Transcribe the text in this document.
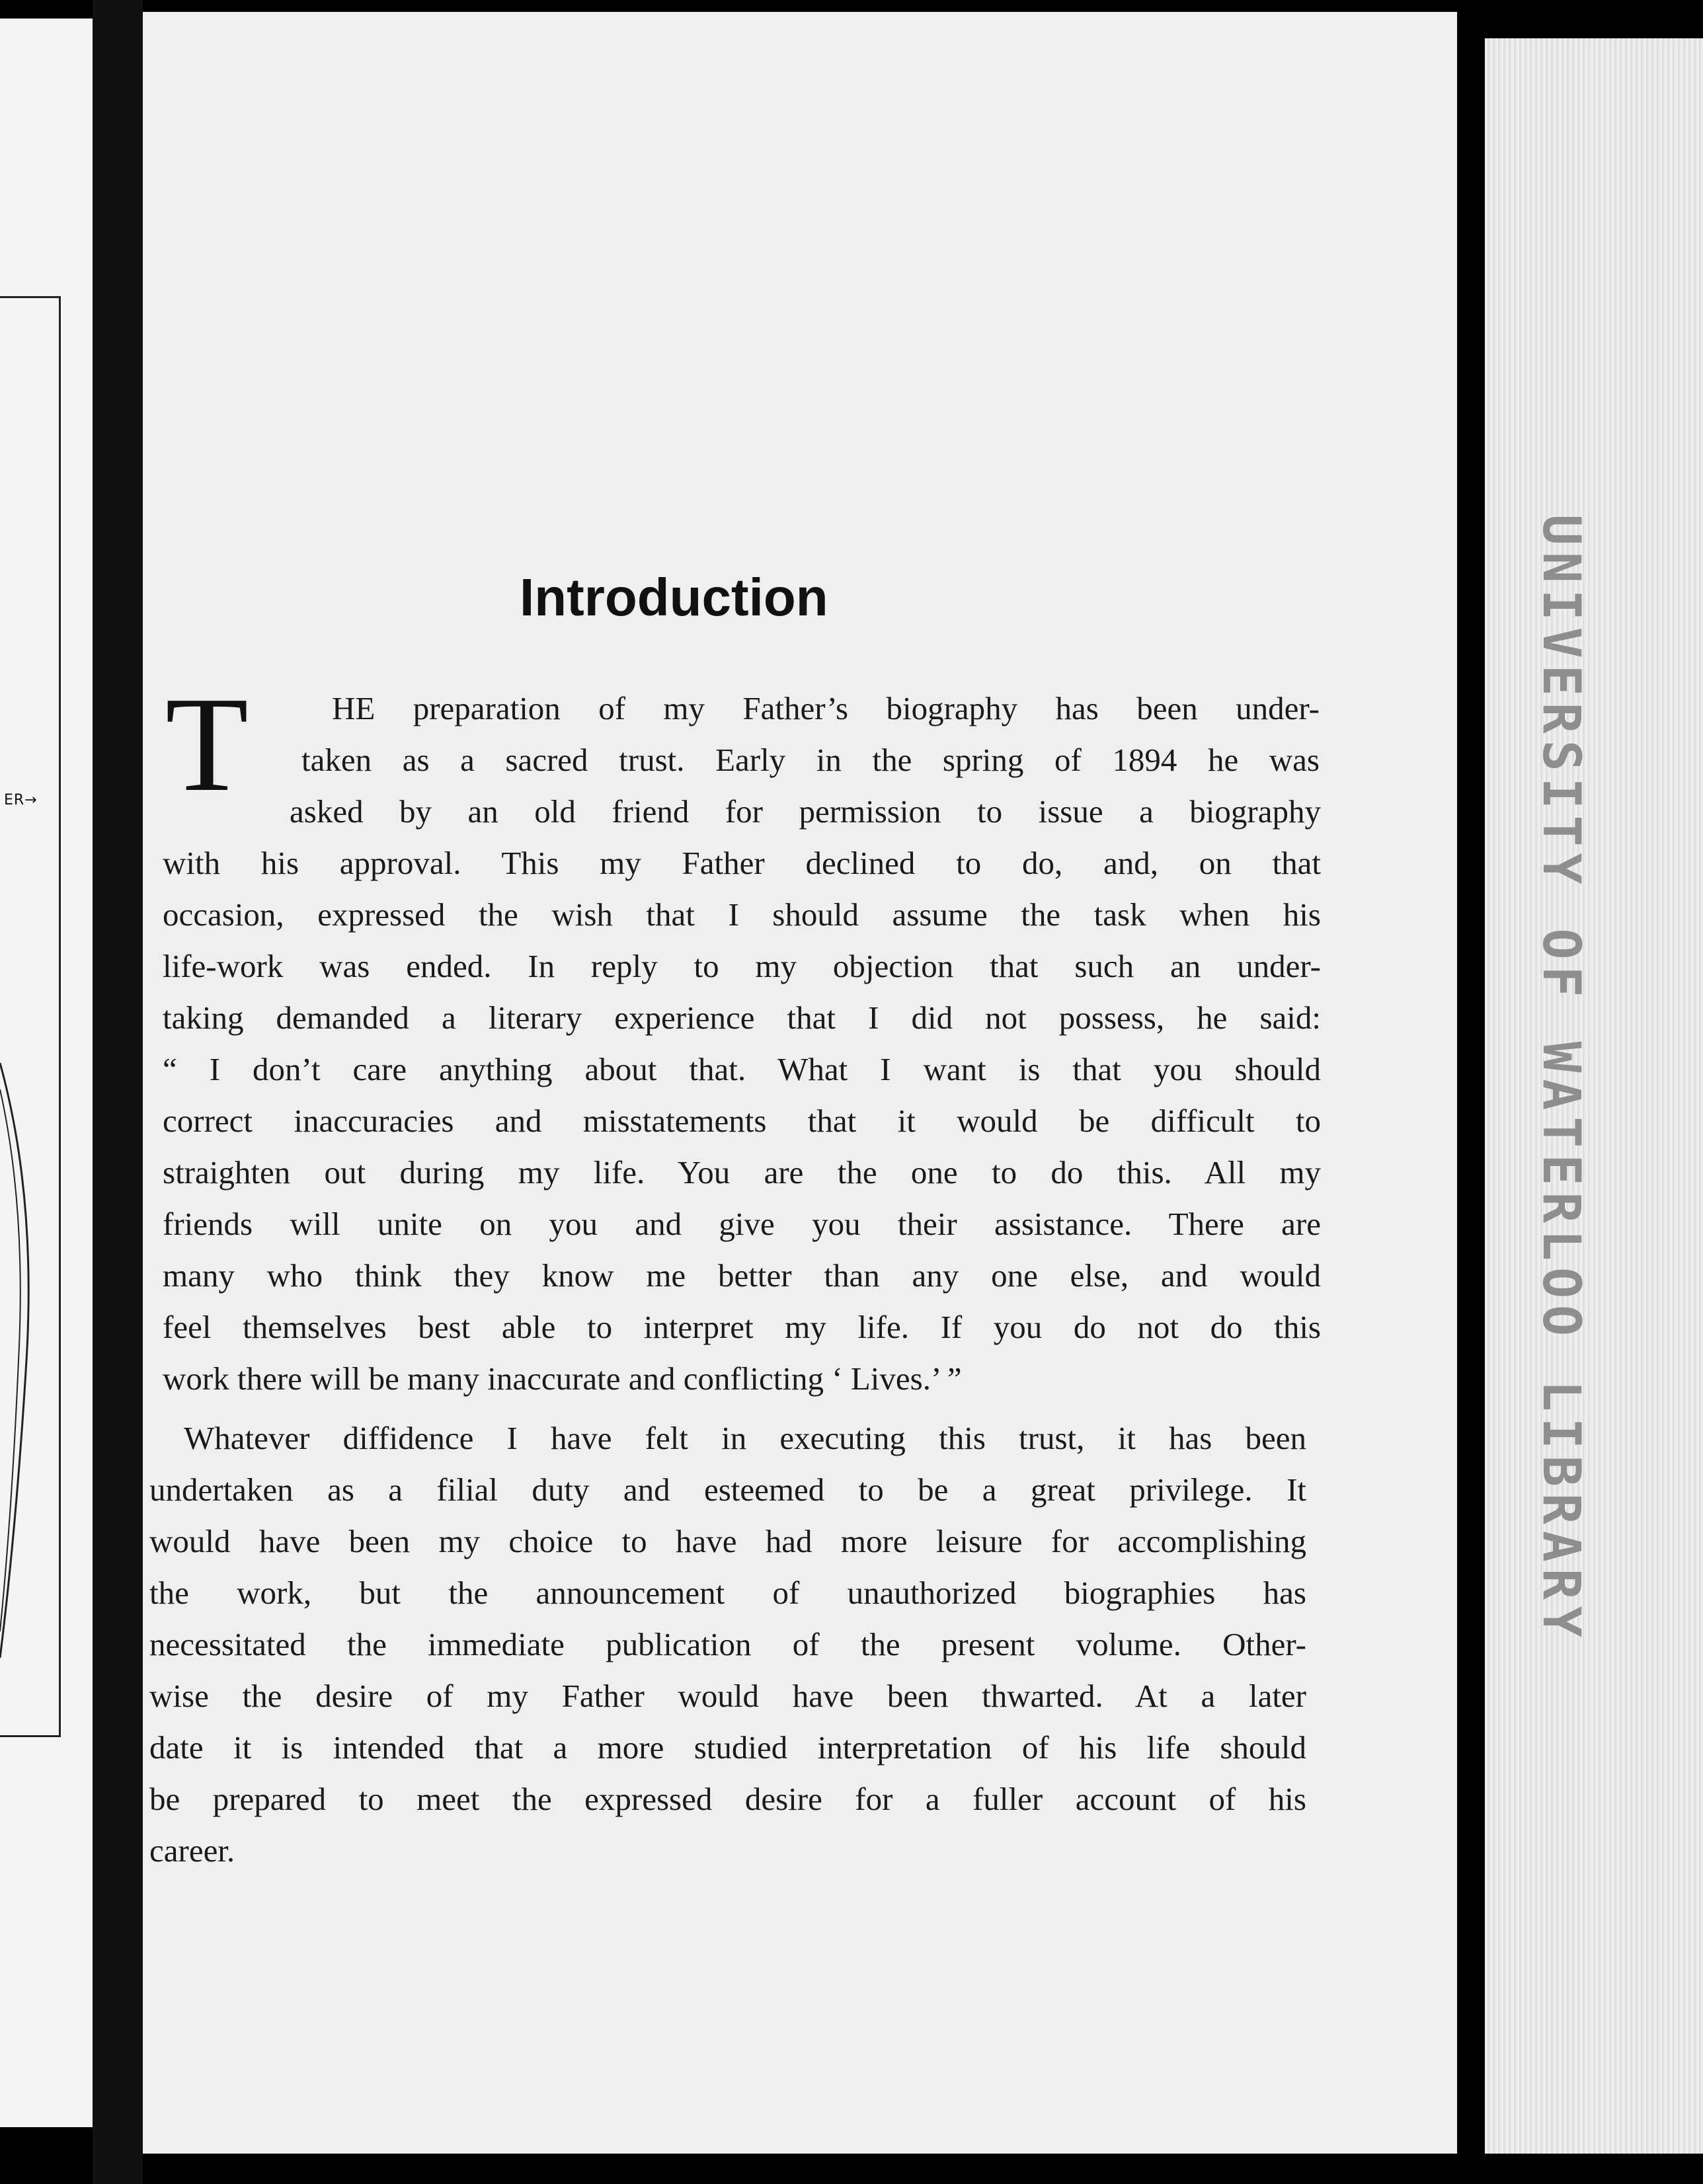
ER→	UNIVERSITY OF WATERLOO LIBRARY
Introduction
T	HE preparation of my Father’s biography has been under-
taken as a sacred trust. Early in the spring of 1894 he was
asked by an old friend for permission to issue a biography
with his approval. This my Father declined to do, and, on that
occasion, expressed the wish that I should assume the task when his
life-work was ended. In reply to my objection that such an under-
taking demanded a literary experience that I did not possess, he said:
“ I don’t care anything about that. What I want is that you should
correct inaccuracies and misstatements that it would be difficult to
straighten out during my life. You are the one to do this. All my
friends will unite on you and give you their assistance. There are
many who think they know me better than any one else, and would
feel themselves best able to interpret my life. If you do not do this
work there will be many inaccurate and conflicting ‘ Lives.’ ”
Whatever diffidence I have felt in executing this trust, it has been
undertaken as a filial duty and esteemed to be a great privilege. It
would have been my choice to have had more leisure for accomplishing
the work, but the announcement of unauthorized biographies has
necessitated the immediate publication of the present volume. Other-
wise the desire of my Father would have been thwarted. At a later
date it is intended that a more studied interpretation of his life should
be prepared to meet the expressed desire for a fuller account of his
career.
